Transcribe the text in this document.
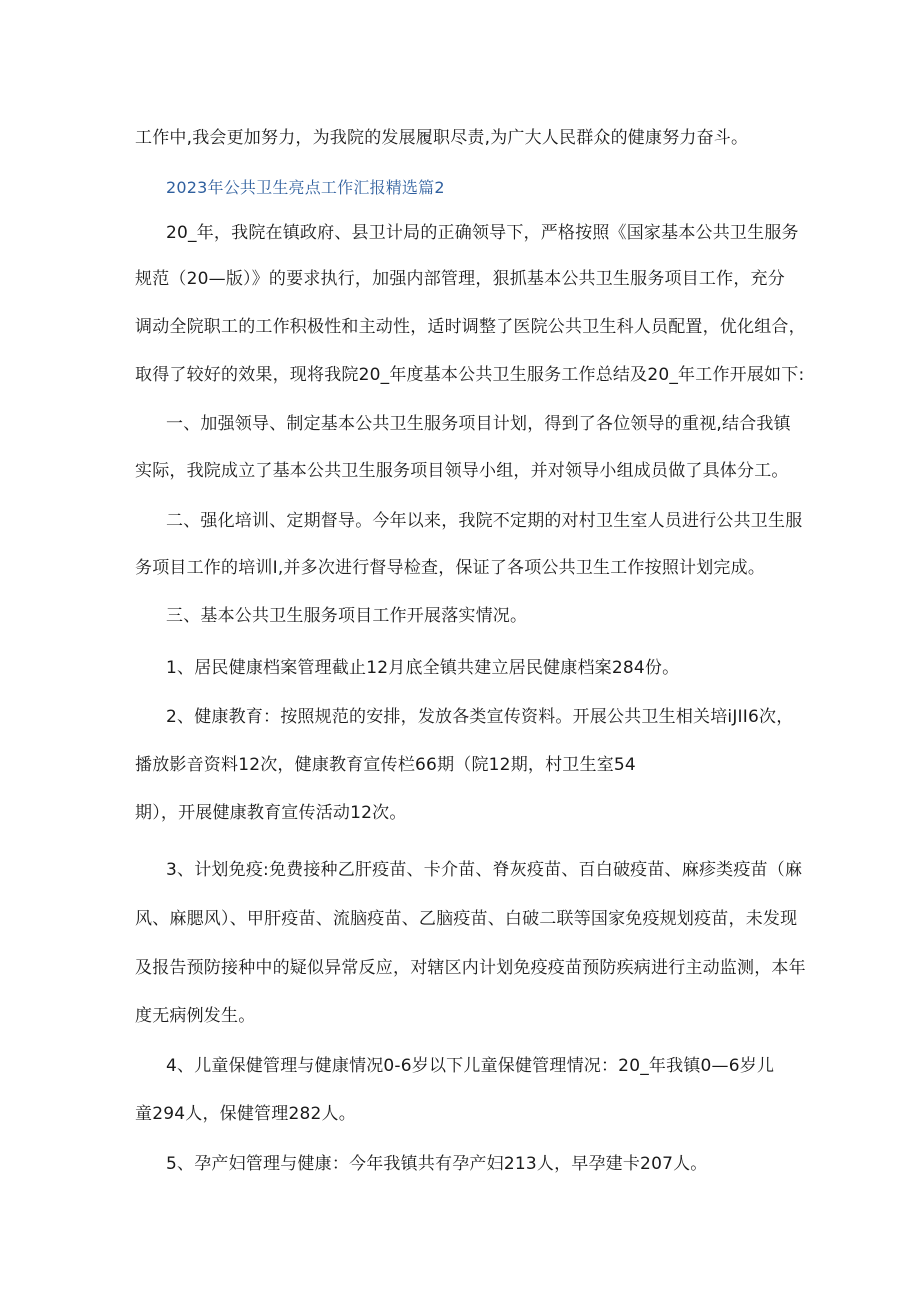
工作中,我会更加努力，为我院的发展履职尽责,为广大人民群众的健康努力奋斗。
2023年公共卫生亮点工作汇报精选篇2
20_年，我院在镇政府、县卫计局的正确领导下，严格按照《国家基本公共卫生服务
规范（20—版）》的要求执行，加强内部管理，狠抓基本公共卫生服务项目工作，充分
调动全院职工的工作积极性和主动性，适时调整了医院公共卫生科人员配置，优化组合，
取得了较好的效果，现将我院20_年度基本公共卫生服务工作总结及20_年工作开展如下:
一、加强领导、制定基本公共卫生服务项目计划，得到了各位领导的重视,结合我镇
实际，我院成立了基本公共卫生服务项目领导小组，并对领导小组成员做了具体分工。
二、强化培训、定期督导。今年以来，我院不定期的对村卫生室人员进行公共卫生服
务项目工作的培训I,并多次进行督导检查，保证了各项公共卫生工作按照计划完成。
三、基本公共卫生服务项目工作开展落实情况。
1、居民健康档案管理截止12月底全镇共建立居民健康档案284份。
2、健康教育：按照规范的安排，发放各类宣传资料。开展公共卫生相关培iJII6次，
播放影音资料12次，健康教育宣传栏66期（院12期，村卫生室54
期），开展健康教育宣传活动12次。
3、计划免疫:免费接种乙肝疫苗、卡介苗、脊灰疫苗、百白破疫苗、麻疹类疫苗（麻
风、麻腮风）、甲肝疫苗、流脑疫苗、乙脑疫苗、白破二联等国家免疫规划疫苗，未发现
及报告预防接种中的疑似异常反应，对辖区内计划免疫疫苗预防疾病进行主动监测，本年
度无病例发生。
4、儿童保健管理与健康情况0-6岁以下儿童保健管理情况：20_年我镇0—6岁儿
童294人，保健管理282人。
5、孕产妇管理与健康：今年我镇共有孕产妇213人，早孕建卡207人。
